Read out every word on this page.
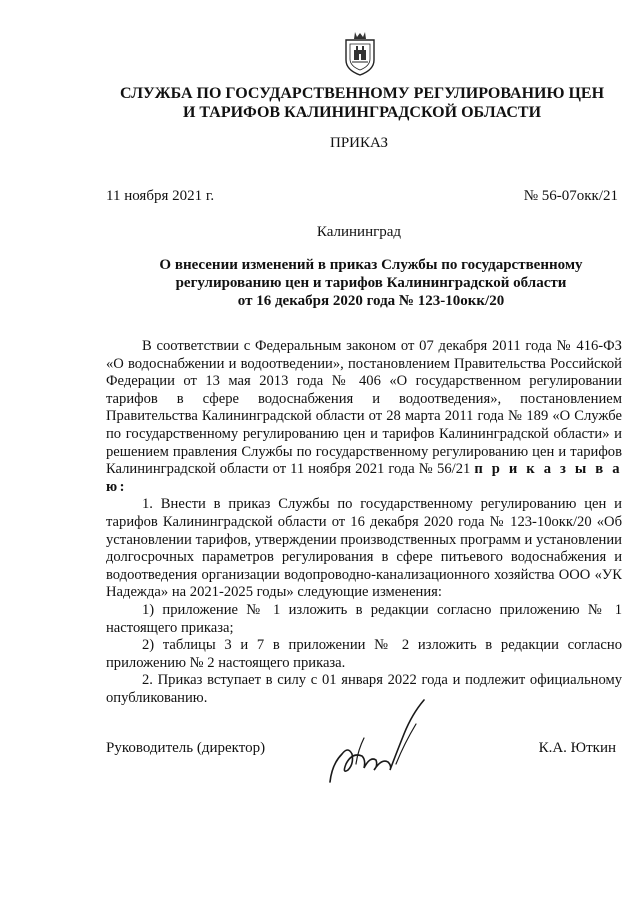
СЛУЖБА ПО ГОСУДАРСТВЕННОМУ РЕГУЛИРОВАНИЮ ЦЕН
И ТАРИФОВ КАЛИНИНГРАДСКОЙ ОБЛАСТИ
ПРИКАЗ
11 ноября 2021 г.	№ 56-07окк/21
Калининград
О внесении изменений в приказ Службы по государственному
регулированию цен и тарифов Калининградской области
от 16 декабря 2020 года № 123-10окк/20

В соответствии с Федеральным законом от 07 декабря 2011 года № 416-ФЗ «О водоснабжении и водоотведении», постановлением Правительства Российской Федерации от 13 мая 2013 года № 406 «О государственном регулировании тарифов в сфере водоснабжения и водоотведения», постановлением Правительства Калининградской области от 28 марта 2011 года № 189 «О Службе по государственному регулированию цен и тарифов Калининградской области» и решением правления Службы по государственному регулированию цен и тарифов Калининградской области от 11 ноября 2021 года № 56/21 п р и к а з ы в а ю:

1. Внести в приказ Службы по государственному регулированию цен и тарифов Калининградской области от 16 декабря 2020 года № 123-10окк/20 «Об установлении тарифов, утверждении производственных программ и установлении долгосрочных параметров регулирования в сфере питьевого водоснабжения и водоотведения организации водопроводно-канализационного хозяйства ООО «УК Надежда» на 2021-2025 годы» следующие изменения:

1) приложение № 1 изложить в редакции согласно приложению № 1 настоящего приказа;

2) таблицы 3 и 7 в приложении № 2 изложить в редакции согласно приложению № 2 настоящего приказа.

2. Приказ вступает в силу с 01 января 2022 года и подлежит официальному опубликованию.

Руководитель (директор)	К.А. Юткин
